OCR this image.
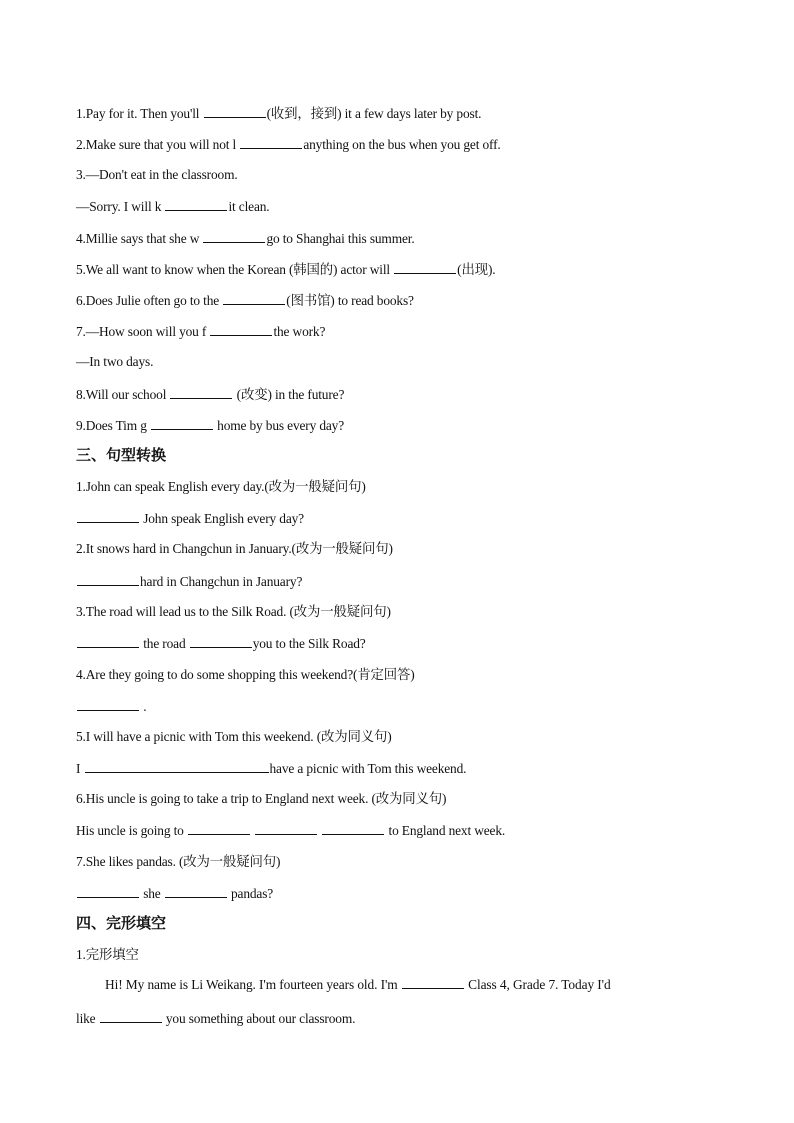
1.Pay for it. Then you'll	(收到，接到) it a few days later by post.
2.Make sure that you will not l	anything on the bus when you get off.
3.—Don't eat in the classroom.
—Sorry. I will k	it clean.
4.Millie says that she w	go to Shanghai this summer.
5.We all want to know when the Korean (韩国的) actor will	(出现).
6.Does Julie often go to the	(图书馆) to read books?
7.—How soon will you f	the work?
—In two days.
8.Will our school	(改变) in the future?
9.Does Tim g	home by bus every day?
三、句型转换
1.John can speak English every day.(改为一般疑问句)
John speak English every day?
2.It snows hard in Changchun in January.(改为一般疑问句)
hard in Changchun in January?
3.The road will lead us to the Silk Road. (改为一般疑问句)
the road	you to the Silk Road?
4.Are they going to do some shopping this weekend?(肯定回答)
.
5.I will have a picnic with Tom this weekend. (改为同义句)
I	have a picnic with Tom this weekend.
6.His uncle is going to take a trip to England next week. (改为同义句)
His uncle is going to	to England next week.
7.She likes pandas. (改为一般疑问句)
she	pandas?
四、完形填空
1.完形填空
Hi! My name is Li Weikang. I'm fourteen years old. I'm	Class 4, Grade 7. Today I'd
like	you something about our classroom.
